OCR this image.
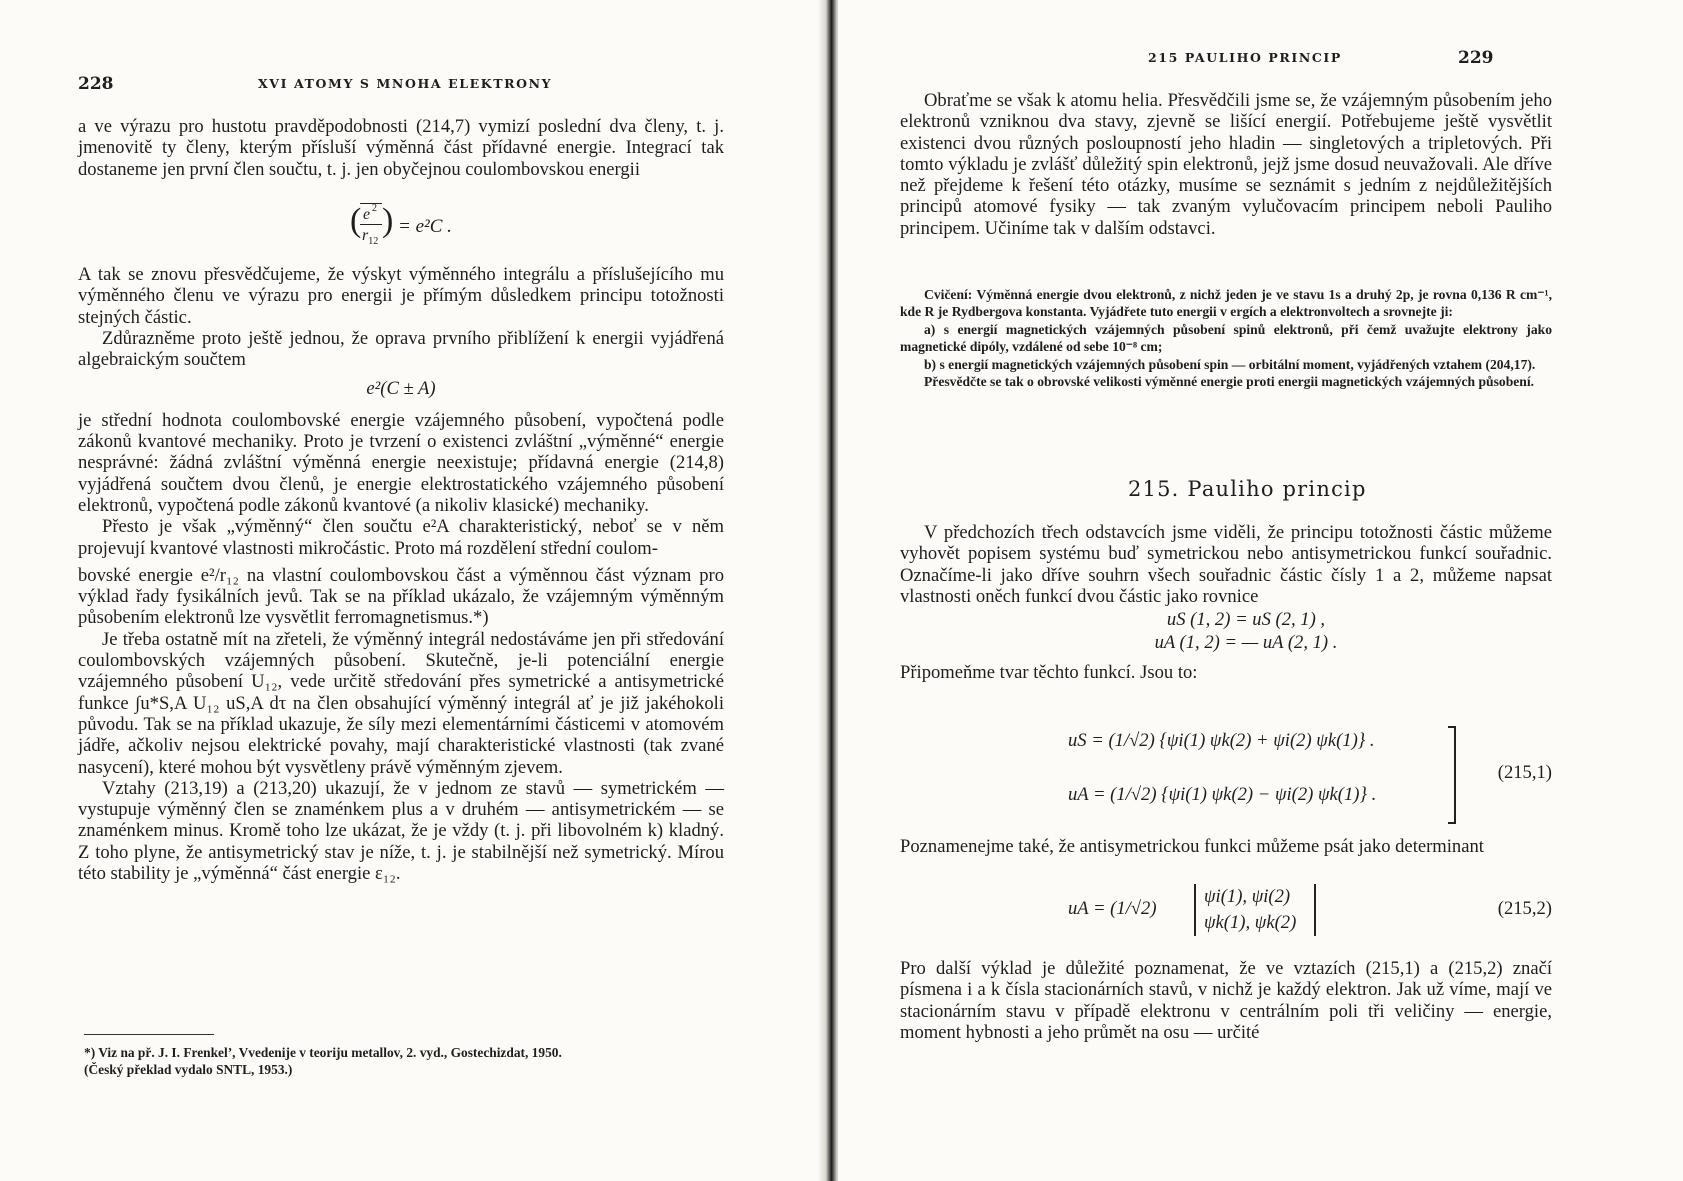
228	XVI ATOMY S MNOHA ELEKTRONY

a ve výrazu pro hustotu pravděpodobnosti (214,7) vymizí poslední dva členy, t. j. jmenovitě ty členy, kterým přísluší výměnná část přídavné energie. Integrací tak dostaneme jen první člen součtu, t. j. jen obyčejnou coulombovskou energii

( e 2
$r_{12}$
) = e²C .

A tak se znovu přesvědčujeme, že výskyt výměnného integrálu a příslušejícího mu výměnného členu ve výrazu pro energii je přímým důsledkem principu totožnosti stejných částic.

Zdůrazněme proto ještě jednou, že oprava prvního přiblížení k energii vyjádřená algebraickým součtem

e²(C ± A)

je střední hodnota coulombovské energie vzájemného působení, vypočtená podle zákonů kvantové mechaniky. Proto je tvrzení o existenci zvláštní „výměnné“ energie nesprávné: žádná zvláštní výměnná energie neexistuje; přídavná energie (214,8) vyjádřená součtem dvou členů, je energie elektrostatického vzájemného působení elektronů, vypočtená podle zákonů kvantové (a nikoliv klasické) mechaniky.

Přesto je však „výměnný“ člen součtu e²A charakteristický, neboť se v něm projevují kvantové vlastnosti mikročástic. Proto má rozdělení střední coulom-

bovské energie e²/r₁₂ na vlastní coulombovskou část a výměnnou část význam pro výklad řady fysikálních jevů. Tak se na příklad ukázalo, že vzájemným výměnným působením elektronů lze vysvětlit ferromagnetismus.*)

Je třeba ostatně mít na zřeteli, že výměnný integrál nedostáváme jen při středování coulombovských vzájemných působení. Skutečně, je-li potenciální energie vzájemného působení U₁₂, vede určitě středování přes symetrické a antisymetrické funkce ∫u*S,A U₁₂ uS,A dτ na člen obsahující výměnný integrál ať je již jakéhokoli původu. Tak se na příklad ukazuje, že síly mezi elementárními částicemi v atomovém jádře, ačkoliv nejsou elektrické povahy, mají charakteristické vlastnosti (tak zvané nasycení), které mohou být vysvětleny právě výměnným zjevem.

Vztahy (213,19) a (213,20) ukazují, že v jednom ze stavů — symetrickém — vystupuje výměnný člen se znaménkem plus a v druhém — antisymetrickém — se znaménkem minus. Kromě toho lze ukázat, že je vždy (t. j. při libovolném k) kladný. Z toho plyne, že antisymetrický stav je níže, t. j. je stabilnější než symetrický. Mírou této stability je „výměnná“ část energie ε₁₂.

*) Viz na př. J. I. Frenkel’, Vvedenije v teoriju metallov, 2. vyd., Gostechizdat, 1950.

(Český překlad vydalo SNTL, 1953.)

215 PAULIHO PRINCIP	229

Obraťme se však k atomu helia. Přesvědčili jsme se, že vzájemným působením jeho elektronů vzniknou dva stavy, zjevně se lišící energií. Potřebujeme ještě vysvětlit existenci dvou různých posloupností jeho hladin — singletových a tripletových. Při tomto výkladu je zvlášť důležitý spin elektronů, jejž jsme dosud neuvažovali. Ale dříve než přejdeme k řešení této otázky, musíme se seznámit s jedním z nejdůležitějších principů atomové fysiky — tak zvaným vylučovacím principem neboli Pauliho principem. Učiníme tak v dalším odstavci.

Cvičení: Výměnná energie dvou elektronů, z nichž jeden je ve stavu 1s a druhý 2p, je rovna 0,136 R cm⁻¹, kde R je Rydbergova konstanta. Vyjádřete tuto energii v ergích a elektronvoltech a srovnejte ji:

a) s energií magnetických vzájemných působení spinů elektronů, při čemž uvažujte elektrony jako magnetické dipóly, vzdálené od sebe 10⁻⁸ cm;

b) s energií magnetických vzájemných působení spin — orbitální moment, vyjádřených vztahem (204,17).

Přesvědčte se tak o obrovské velikosti výměnné energie proti energii magnetických vzájemných působení.

215. Pauliho princip

V předchozích třech odstavcích jsme viděli, že principu totožnosti částic můžeme vyhovět popisem systému buď symetrickou nebo antisymetrickou funkcí souřadnic. Označíme-li jako dříve souhrn všech souřadnic částic čísly 1 a 2, můžeme napsat vlastnosti oněch funkcí dvou částic jako rovnice

uS (1, 2) = uS (2, 1) ,
uA (1, 2) = — uA (2, 1) .

Připomeňme tvar těchto funkcí. Jsou to:

uS = (1/√2) {ψi(1) ψk(2) + ψi(2) ψk(1)} .
uA = (1/√2) {ψi(1) ψk(2) − ψi(2) ψk(1)} .
(215,1)

Poznamenejme také, že antisymetrickou funkci můžeme psát jako determinant

uA = (1/√2)
ψi(1), ψi(2)
ψk(1), ψk(2)
(215,2)

Pro další výklad je důležité poznamenat, že ve vztazích (215,1) a (215,2) značí písmena i a k čísla stacionárních stavů, v nichž je každý elektron. Jak už víme, mají ve stacionárním stavu v případě elektronu v centrálním poli tři veličiny — energie, moment hybnosti a jeho průmět na osu — určité
